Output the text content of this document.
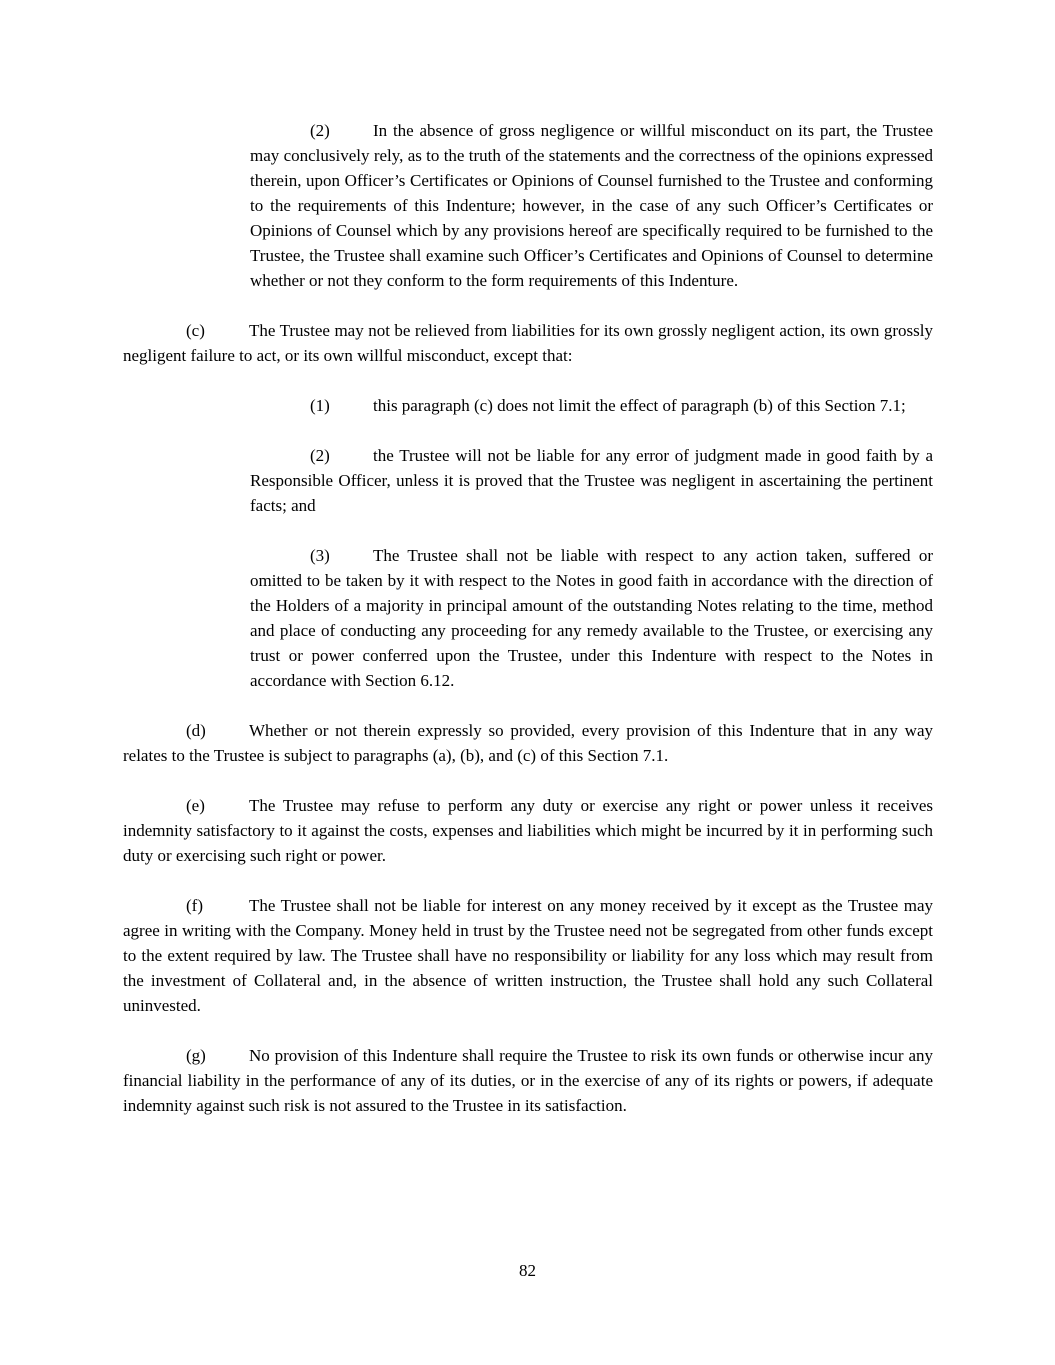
(2)	In the absence of gross negligence or willful misconduct on its part, the Trustee may conclusively rely, as to the truth of the statements and the correctness of the opinions expressed therein, upon Officer’s Certificates or Opinions of Counsel furnished to the Trustee and conforming to the requirements of this Indenture; however, in the case of any such Officer’s Certificates or Opinions of Counsel which by any provisions hereof are specifically required to be furnished to the Trustee, the Trustee shall examine such Officer’s Certificates and Opinions of Counsel to determine whether or not they conform to the form requirements of this Indenture.

(c)	The Trustee may not be relieved from liabilities for its own grossly negligent action, its own grossly negligent failure to act, or its own willful misconduct, except that:

(1)	this paragraph (c) does not limit the effect of paragraph (b) of this Section 7.1;

(2)	the Trustee will not be liable for any error of judgment made in good faith by a Responsible Officer, unless it is proved that the Trustee was negligent in ascertaining the pertinent facts; and

(3)	The Trustee shall not be liable with respect to any action taken, suffered or omitted to be taken by it with respect to the Notes in good faith in accordance with the direction of the Holders of a majority in principal amount of the outstanding Notes relating to the time, method and place of conducting any proceeding for any remedy available to the Trustee, or exercising any trust or power conferred upon the Trustee, under this Indenture with respect to the Notes in accordance with Section 6.12.

(d)	Whether or not therein expressly so provided, every provision of this Indenture that in any way relates to the Trustee is subject to paragraphs (a), (b), and (c) of this Section 7.1.

(e)	The Trustee may refuse to perform any duty or exercise any right or power unless it receives indemnity satisfactory to it against the costs, expenses and liabilities which might be incurred by it in performing such duty or exercising such right or power.

(f)	The Trustee shall not be liable for interest on any money received by it except as the Trustee may agree in writing with the Company. Money held in trust by the Trustee need not be segregated from other funds except to the extent required by law. The Trustee shall have no responsibility or liability for any loss which may result from the investment of Collateral and, in the absence of written instruction, the Trustee shall hold any such Collateral uninvested.

(g)	No provision of this Indenture shall require the Trustee to risk its own funds or otherwise incur any financial liability in the performance of any of its duties, or in the exercise of any of its rights or powers, if adequate indemnity against such risk is not assured to the Trustee in its satisfaction.

82
